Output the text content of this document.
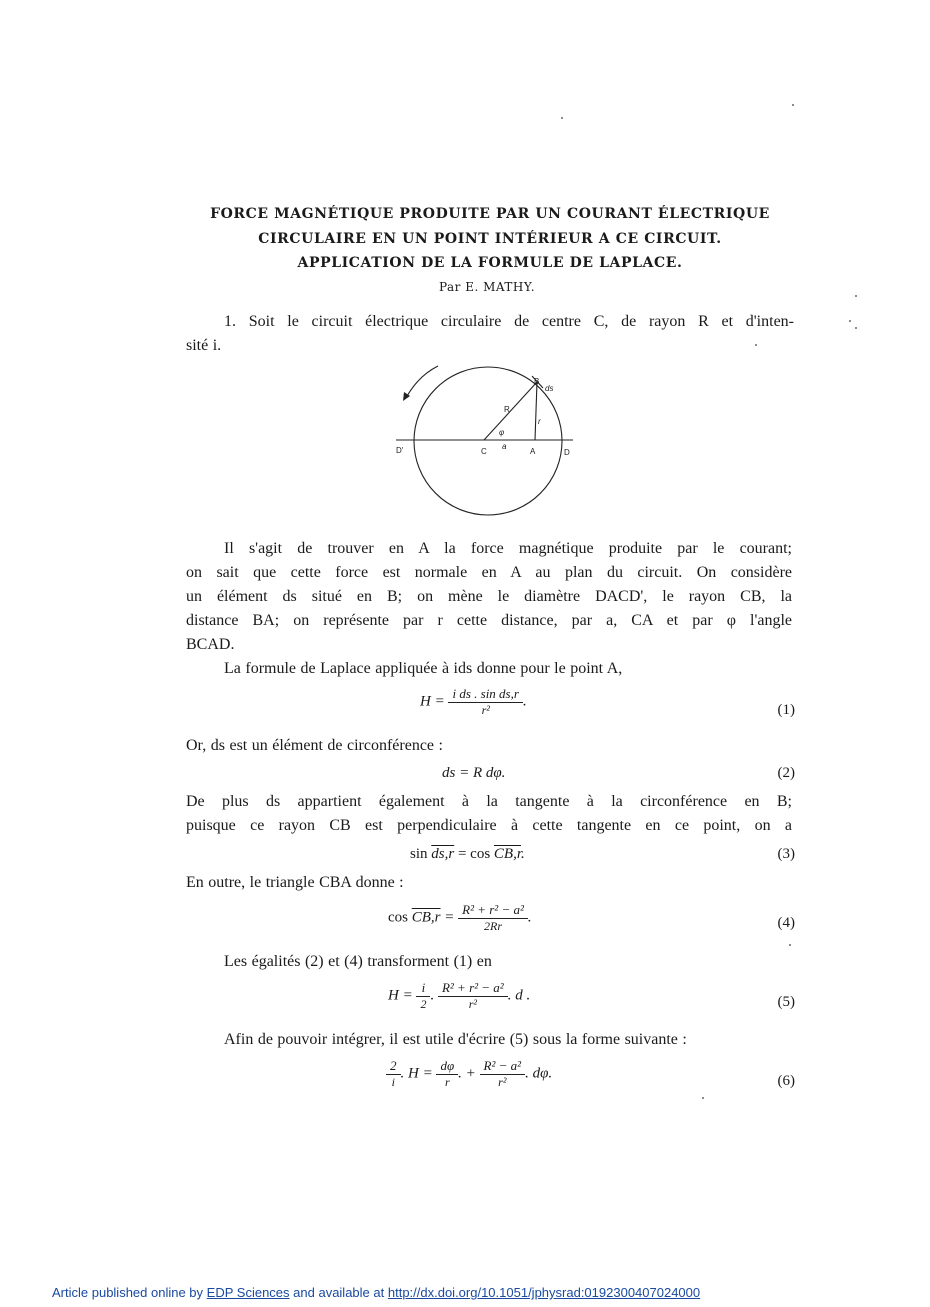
FORCE MAGNÉTIQUE PRODUITE PAR UN COURANT ÉLECTRIQUE
CIRCULAIRE EN UN POINT INTÉRIEUR A CE CIRCUIT.
APPLICATION DE LA FORMULE DE LAPLACE.
Par E. MATHY.
1. Soit le circuit électrique circulaire de centre C, de rayon R et d'inten-
sité i.
B
ds
R
r
φ
a
C	A	D
D'
Il s'agit de trouver en A la force magnétique produite par le courant;
on sait que cette force est normale en A au plan du circuit. On considère
un élément ds situé en B; on mène le diamètre DACD', le rayon CB, la
distance BA; on représente par r cette distance, par a, CA et par φ l'angle
BCAD.
La formule de Laplace appliquée à ids donne pour le point A,
$H = \frac{\text{i ds . sin ds,r}}{\text{r²}}$ .
(1)
Or, ds est un élément de circonférence :
ds = R dφ.	(2)
De plus ds appartient également à la tangente à la circonférence en B;
puisque ce rayon CB est perpendiculaire à cette tangente en ce point, on a
sin ds,r = cos CB,r.	(3)
En outre, le triangle CBA donne :
$\cos CB,r = \frac{\text{R² + r² − a²}}{2Rr}$ .	(4)
Les égalités (2) et (4) transforment (1) en
$H = \frac{i}{2}$ . $\frac{\text{R² + r² − a²}}{\text{r²}}$ . d .	(5)
Afin de pouvoir intégrer, il est utile d'écrire (5) sous la forme suivante :
$\frac{2}{i}$ . $H = \frac{d\varphi}{r}$ . + $\frac{\text{R² − a²}}{\text{r²}}$ . dφ.	(6)
Article published online by EDP Sciences and available at http://dx.doi.org/10.1051/jphysrad:0192300407024000
